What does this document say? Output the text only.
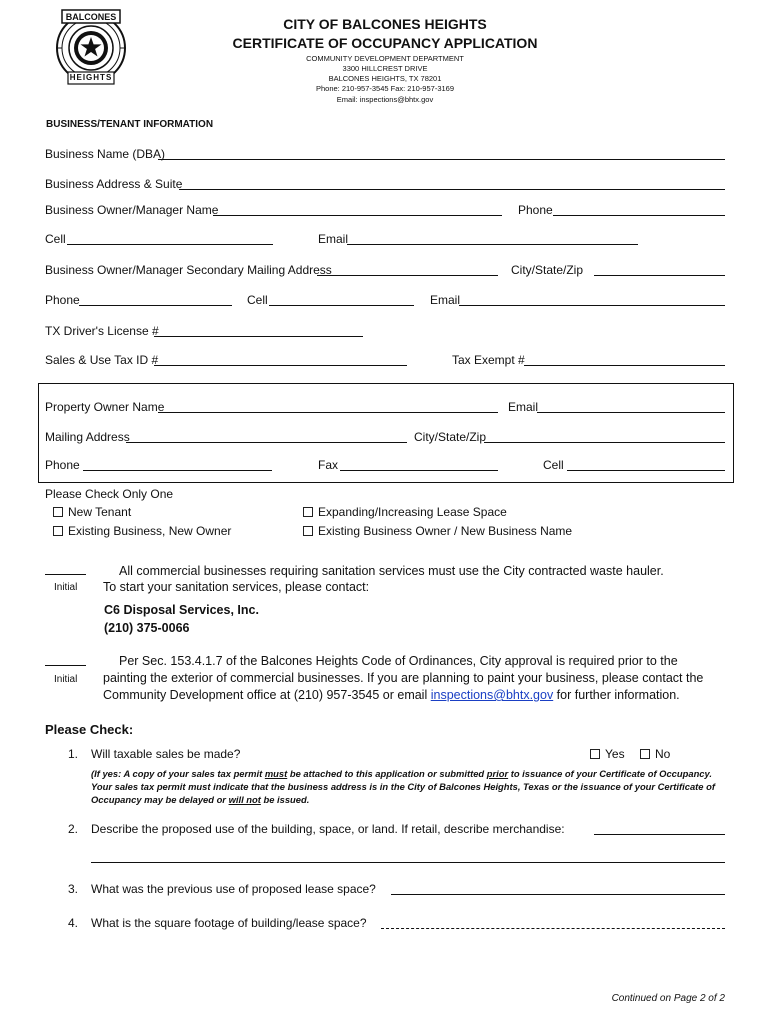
BALCONES
HEIGHTS
CITY OF BALCONES HEIGHTS
CERTIFICATE OF OCCUPANCY APPLICATION
COMMUNITY DEVELOPMENT DEPARTMENT
3300 HILLCREST DRIVE
BALCONES HEIGHTS, TX 78201
Phone: 210-957-3545 Fax: 210-957-3169
Email: inspections@bhtx.gov
BUSINESS/TENANT INFORMATION
Business Name (DBA)
Business Address & Suite
Business Owner/Manager Name	Phone
Cell	Email
Business Owner/Manager Secondary Mailing Address	City/State/Zip
Phone	Cell	Email
TX Driver's License #
Sales & Use Tax ID #	Tax Exempt #
Property Owner Name	Email
Mailing Address	City/State/Zip
Phone	Fax	Cell
Please Check Only One
New Tenant	Expanding/Increasing Lease Space
Existing Business, New Owner	Existing Business Owner / New Business Name
Initial
All commercial businesses requiring sanitation services must use the City contracted waste hauler.
To start your sanitation services, please contact:
C6 Disposal Services, Inc.
(210) 375-0066
Initial
Per Sec. 153.4.1.7 of the Balcones Heights Code of Ordinances, City approval is required prior to the
painting the exterior of commercial businesses. If you are planning to paint your business, please contact the
Community Development office at (210) 957-3545 or email inspections@bhtx.gov for further information.
Please Check:
1. Will taxable sales be made?	Yes	No
(If yes: A copy of your sales tax permit must be attached to this application or submitted prior to issuance of your Certificate of Occupancy. Your sales tax permit must indicate that the business address is in the City of Balcones Heights, Texas or the issuance of your Certificate of Occupancy may be delayed or will not be issued.
2. Describe the proposed use of the building, space, or land. If retail, describe merchandise:
3. What was the previous use of proposed lease space?
4. What is the square footage of building/lease space?
Continued on Page 2 of 2
